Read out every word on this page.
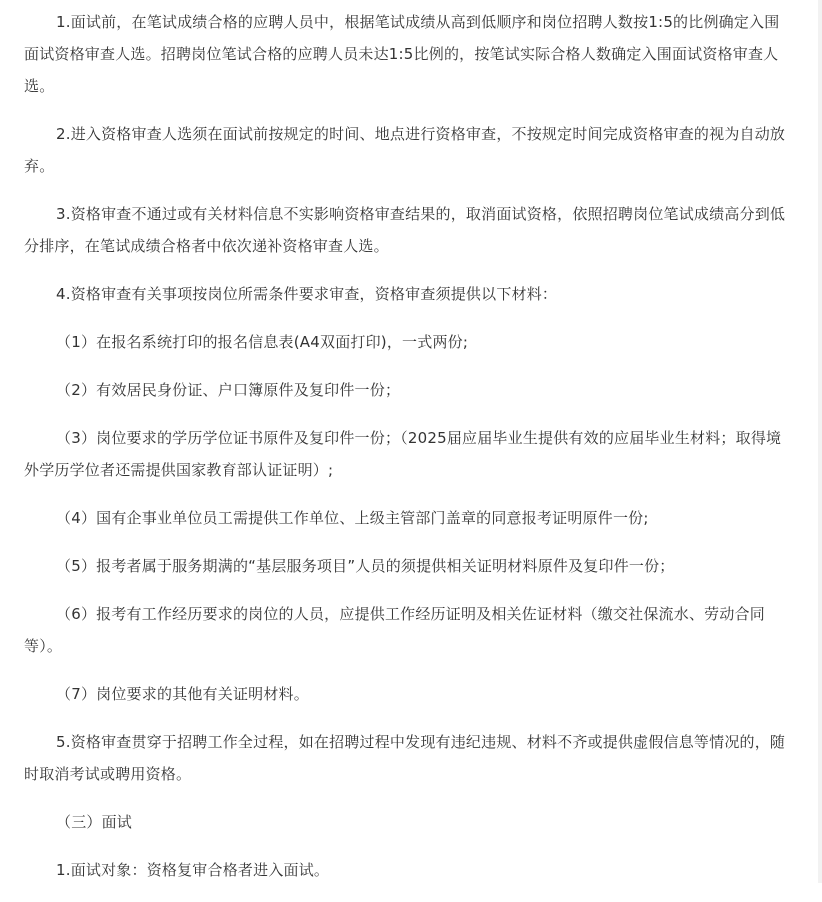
1.面试前，在笔试成绩合格的应聘人员中，根据笔试成绩从高到低顺序和岗位招聘人数按1:5的比例确定入围面试资格审查人选。招聘岗位笔试合格的应聘人员未达1:5比例的，按笔试实际合格人数确定入围面试资格审查人选。

2.进入资格审查人选须在面试前按规定的时间、地点进行资格审查，不按规定时间完成资格审查的视为自动放弃。

3.资格审查不通过或有关材料信息不实影响资格审查结果的，取消面试资格，依照招聘岗位笔试成绩高分到低分排序，在笔试成绩合格者中依次递补资格审查人选。

4.资格审查有关事项按岗位所需条件要求审查，资格审查须提供以下材料：

（1）在报名系统打印的报名信息表(A4双面打印)，一式两份;

（2）有效居民身份证、户口簿原件及复印件一份；

（3）岗位要求的学历学位证书原件及复印件一份；（2025届应届毕业生提供有效的应届毕业生材料；取得境外学历学位者还需提供国家教育部认证证明）;

（4）国有企事业单位员工需提供工作单位、上级主管部门盖章的同意报考证明原件一份;

（5）报考者属于服务期满的“基层服务项目”人员的须提供相关证明材料原件及复印件一份；

（6）报考有工作经历要求的岗位的人员，应提供工作经历证明及相关佐证材料（缴交社保流水、劳动合同等）。

（7）岗位要求的其他有关证明材料。

5.资格审查贯穿于招聘工作全过程，如在招聘过程中发现有违纪违规、材料不齐或提供虚假信息等情况的，随时取消考试或聘用资格。

（三）面试

1.面试对象：资格复审合格者进入面试。
